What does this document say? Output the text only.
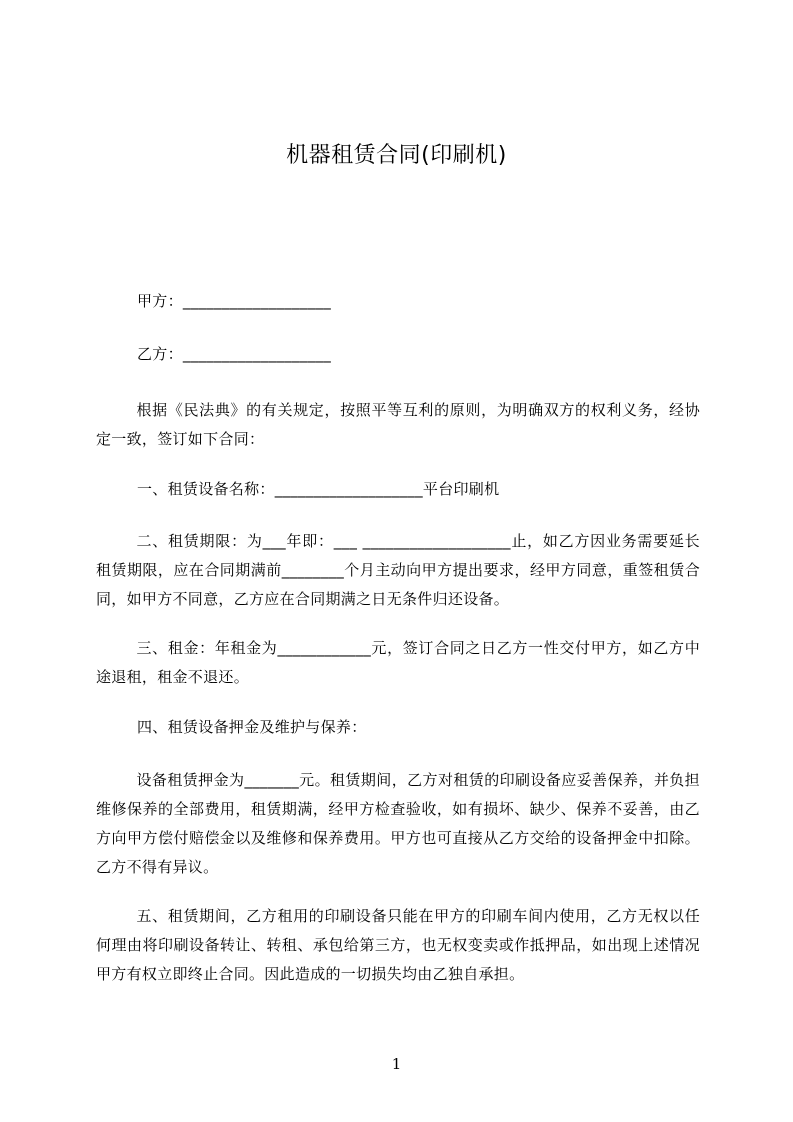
机器租赁合同(印刷机)
甲方：___________________
乙方：___________________
根据《民法典》的有关规定，按照平等互利的原则，为明确双方的权利义务，经协定一致，签订如下合同：
一、租赁设备名称：___________________平台印刷机
二、租赁期限：为___年即：___ ___________________止，如乙方因业务需要延长租赁期限，应在合同期满前________个月主动向甲方提出要求，经甲方同意，重签租赁合同，如甲方不同意，乙方应在合同期满之日无条件归还设备。
三、租金：年租金为____________元，签订合同之日乙方一性交付甲方，如乙方中途退租，租金不退还。
四、租赁设备押金及维护与保养：
设备租赁押金为_______元。租赁期间，乙方对租赁的印刷设备应妥善保养，并负担维修保养的全部费用，租赁期满，经甲方检查验收，如有损坏、缺少、保养不妥善，由乙方向甲方偿付赔偿金以及维修和保养费用。甲方也可直接从乙方交给的设备押金中扣除。乙方不得有异议。
五、租赁期间，乙方租用的印刷设备只能在甲方的印刷车间内使用，乙方无权以任何理由将印刷设备转让、转租、承包给第三方，也无权变卖或作抵押品，如出现上述情况甲方有权立即终止合同。因此造成的一切损失均由乙独自承担。
1
